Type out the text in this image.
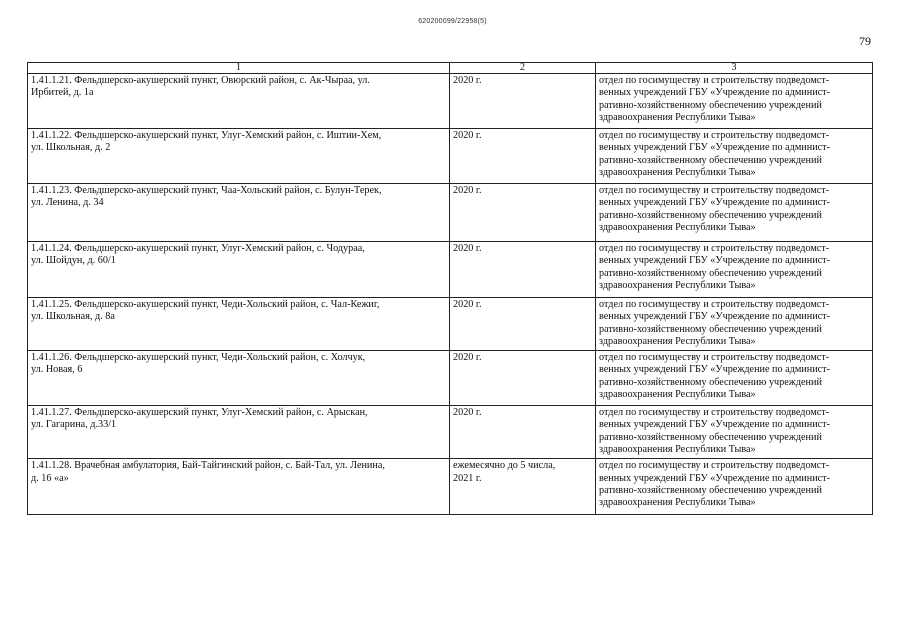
620200099/22958(5)
79
1	2	3
1.41.1.21. Фельдшерско-акушерский пункт, Овюрский район, с. Ак-Чыраа, ул.
Ирбитей, д. 1а	2020 г.	отдел по госимуществу и строительству подведомст-
венных учреждений ГБУ «Учреждение по админист-
ративно-хозяйственному обеспечению учреждений
здравоохранения Республики Тыва»
1.41.1.22. Фельдшерско-акушерский пункт, Улуг-Хемский район, с. Иштии-Хем,
ул. Школьная, д. 2	2020 г.	отдел по госимуществу и строительству подведомст-
венных учреждений ГБУ «Учреждение по админист-
ративно-хозяйственному обеспечению учреждений
здравоохранения Республики Тыва»
1.41.1.23. Фельдшерско-акушерский пункт, Чаа-Хольский район, с. Булун-Терек,
ул. Ленина, д. 34	2020 г.	отдел по госимуществу и строительству подведомст-
венных учреждений ГБУ «Учреждение по админист-
ративно-хозяйственному обеспечению учреждений
здравоохранения Республики Тыва»
1.41.1.24. Фельдшерско-акушерский пункт, Улуг-Хемский район, с. Чодураа,
ул. Шойдун, д. 60/1	2020 г.	отдел по госимуществу и строительству подведомст-
венных учреждений ГБУ «Учреждение по админист-
ративно-хозяйственному обеспечению учреждений
здравоохранения Республики Тыва»
1.41.1.25. Фельдшерско-акушерский пункт, Чеди-Хольский район, с. Чал-Кежиг,
ул. Школьная, д. 8а	2020 г.	отдел по госимуществу и строительству подведомст-
венных учреждений ГБУ «Учреждение по админист-
ративно-хозяйственному обеспечению учреждений
здравоохранения Республики Тыва»
1.41.1.26. Фельдшерско-акушерский пункт, Чеди-Хольский район, с. Холчук,
ул. Новая, 6	2020 г.	отдел по госимуществу и строительству подведомст-
венных учреждений ГБУ «Учреждение по админист-
ративно-хозяйственному обеспечению учреждений
здравоохранения Республики Тыва»
1.41.1.27. Фельдшерско-акушерский пункт, Улуг-Хемский район, с. Арыскан,
ул. Гагарина, д.33/1	2020 г.	отдел по госимуществу и строительству подведомст-
венных учреждений ГБУ «Учреждение по админист-
ративно-хозяйственному обеспечению учреждений
здравоохранения Республики Тыва»
1.41.1.28. Врачебная амбулатория, Бай-Тайгинский район, с. Бай-Тал, ул. Ленина,
д. 16 «а»	ежемесячно до 5 числа,
2021 г.	отдел по госимуществу и строительству подведомст-
венных учреждений ГБУ «Учреждение по админист-
ративно-хозяйственному обеспечению учреждений
здравоохранения Республики Тыва»
